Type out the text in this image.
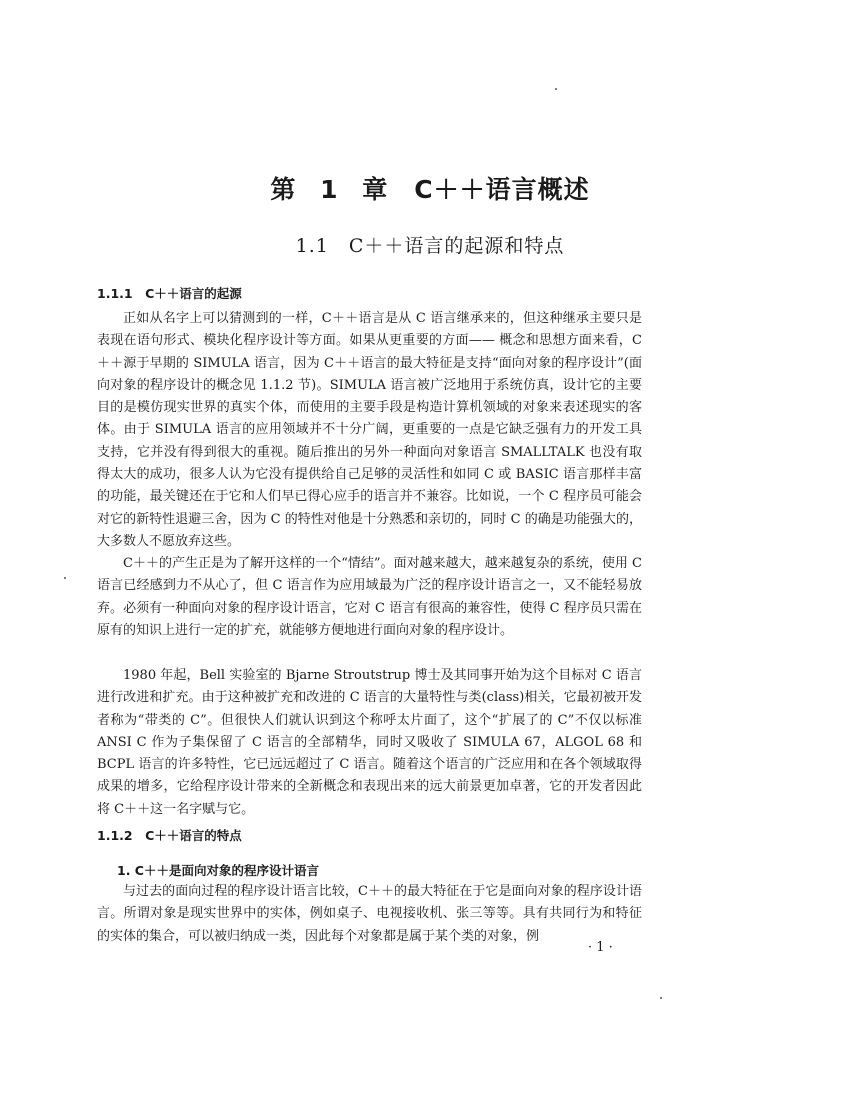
第 1 章　C＋＋语言概述
1.1　C＋＋语言的起源和特点
1.1.1　C＋＋语言的起源

正如从名字上可以猜测到的一样，C＋＋语言是从 C 语言继承来的，但这种继承主要只是表现在语句形式、模块化程序设计等方面。如果从更重要的方面—— 概念和思想方面来看，C＋＋源于早期的 SIMULA 语言，因为 C＋＋语言的最大特征是支持“面向对象的程序设计”(面向对象的程序设计的概念见 1.1.2 节)。SIMULA 语言被广泛地用于系统仿真，设计它的主要目的是模仿现实世界的真实个体，而使用的主要手段是构造计算机领域的对象来表述现实的客体。由于 SIMULA 语言的应用领域并不十分广阔，更重要的一点是它缺乏强有力的开发工具支持，它并没有得到很大的重视。随后推出的另外一种面向对象语言 SMALLTALK 也没有取得太大的成功，很多人认为它没有提供给自己足够的灵活性和如同 C 或 BASIC 语言那样丰富的功能，最关键还在于它和人们早已得心应手的语言并不兼容。比如说，一个 C 程序员可能会对它的新特性退避三舍，因为 C 的特性对他是十分熟悉和亲切的，同时 C 的确是功能强大的，大多数人不愿放弃这些。

C＋＋的产生正是为了解开这样的一个“情结”。面对越来越大，越来越复杂的系统，使用 C 语言已经感到力不从心了，但 C 语言作为应用域最为广泛的程序设计语言之一，又不能轻易放弃。必须有一种面向对象的程序设计语言，它对 C 语言有很高的兼容性，使得 C 程序员只需在原有的知识上进行一定的扩充，就能够方便地进行面向对象的程序设计。

1980 年起，Bell 实验室的 Bjarne Stroutstrup 博士及其同事开始为这个目标对 C 语言进行改进和扩充。由于这种被扩充和改进的 C 语言的大量特性与类(class)相关，它最初被开发者称为“带类的 C”。但很快人们就认识到这个称呼太片面了，这个“扩展了的 C”不仅以标准 ANSI C 作为子集保留了 C 语言的全部精华，同时又吸收了 SIMULA 67，ALGOL 68 和 BCPL 语言的许多特性，它已远远超过了 C 语言。随着这个语言的广泛应用和在各个领域取得成果的增多，它给程序设计带来的全新概念和表现出来的远大前景更加卓著，它的开发者因此将 C＋＋这一名字赋与它。

1.1.2　C＋＋语言的特点
1. C＋＋是面向对象的程序设计语言

与过去的面向过程的程序设计语言比较，C＋＋的最大特征在于它是面向对象的程序设计语言。所谓对象是现实世界中的实体，例如桌子、电视接收机、张三等等。具有共同行为和特征的实体的集合，可以被归纳成一类，因此每个对象都是属于某个类的对象，例

· 1 ·
